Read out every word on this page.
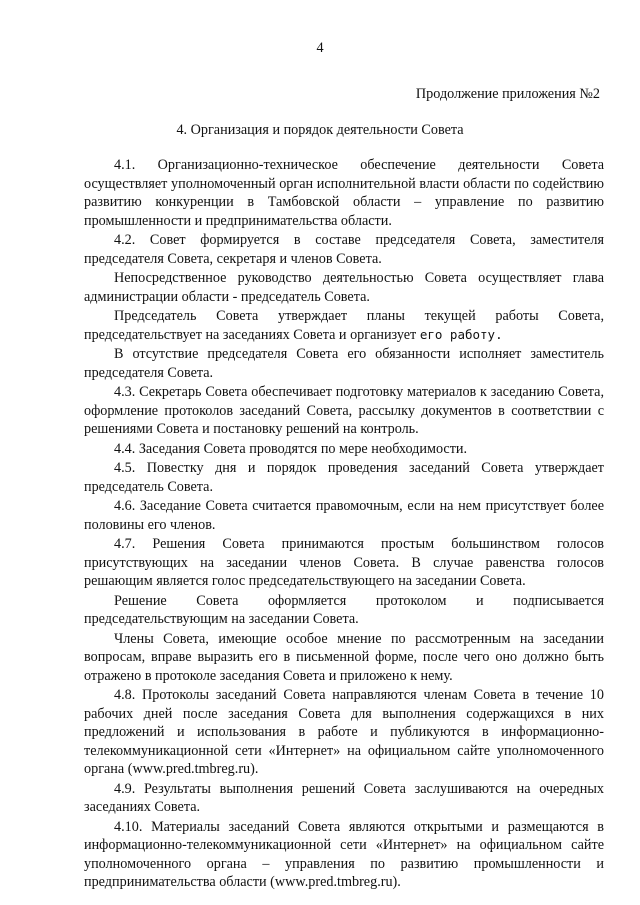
4
Продолжение приложения №2
4. Организация и порядок деятельности Совета

4.1. Организационно-техническое обеспечение деятельности Совета осуществляет уполномоченный орган исполнительной власти области по содействию развитию конкуренции в Тамбовской области – управление по развитию промышленности и предпринимательства области.

4.2. Совет формируется в составе председателя Совета, заместителя председателя Совета, секретаря и членов Совета.

Непосредственное руководство деятельностью Совета осуществляет глава администрации области - председатель Совета.

Председатель Совета утверждает планы текущей работы Совета, председательствует на заседаниях Совета и организует его работу.

В отсутствие председателя Совета его обязанности исполняет заместитель председателя Совета.

4.3. Секретарь Совета обеспечивает подготовку материалов к заседанию Совета, оформление протоколов заседаний Совета, рассылку документов в соответствии с решениями Совета и постановку решений на контроль.

4.4. Заседания Совета проводятся по мере необходимости.

4.5. Повестку дня и порядок проведения заседаний Совета утверждает председатель Совета.

4.6. Заседание Совета считается правомочным, если на нем присутствует более половины его членов.

4.7. Решения Совета принимаются простым большинством голосов присутствующих на заседании членов Совета. В случае равенства голосов решающим является голос председательствующего на заседании Совета.

Решение Совета оформляется протоколом и подписывается председательствующим на заседании Совета.

Члены Совета, имеющие особое мнение по рассмотренным на заседании вопросам, вправе выразить его в письменной форме, после чего оно должно быть отражено в протоколе заседания Совета и приложено к нему.

4.8. Протоколы заседаний Совета направляются членам Совета в течение 10 рабочих дней после заседания Совета для выполнения содержащихся в них предложений и использования в работе и публикуются в информационно-телекоммуникационной сети «Интернет» на официальном сайте уполномоченного органа (www.pred.tmbreg.ru).

4.9. Результаты выполнения решений Совета заслушиваются на очередных заседаниях Совета.

4.10. Материалы заседаний Совета являются открытыми и размещаются в информационно-телекоммуникационной сети «Интернет» на официальном сайте уполномоченного органа – управления по развитию промышленности и предпринимательства области (www.pred.tmbreg.ru).
